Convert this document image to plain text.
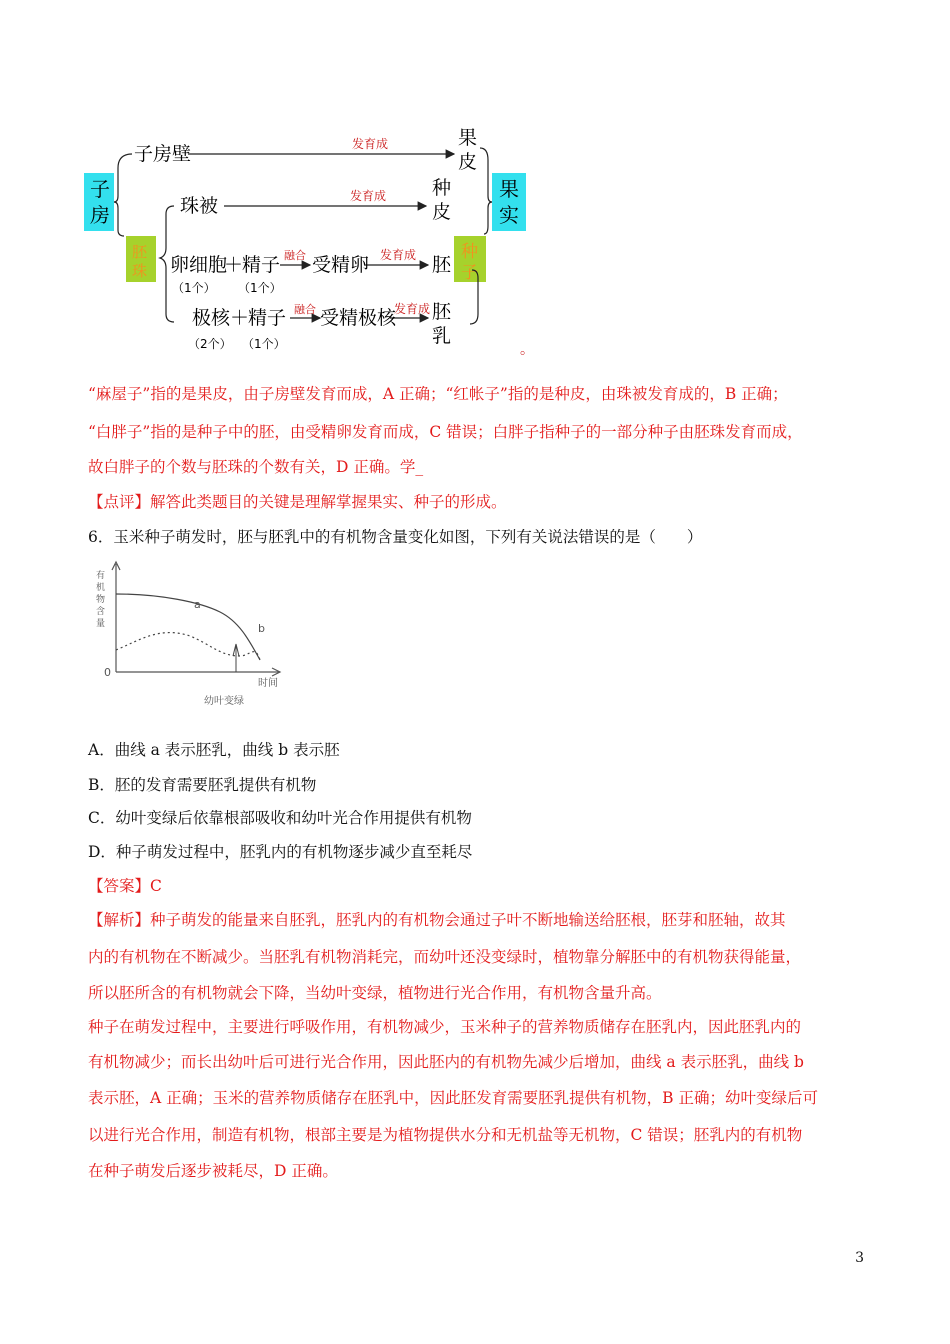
子
房
胚
珠
种
子
果
实
子房壁	发育成	果
皮
珠被	发育成 种
皮
卵细胞
＋
精子
（1个） （1个）
融合 受精卵 发育成 胚
极核 ＋
精子
（2个） （1个）
融合 受精极核
发育成 胚
乳
。
“麻屋子”指的是果皮，由子房壁发育而成，A 正确；“红帐子”指的是种皮，由珠被发育成的，B 正确；
“白胖子”指的是种子中的胚，由受精卵发育而成，C 错误；白胖子指种子的一部分种子由胚珠发育而成，
故白胖子的个数与胚珠的个数有关，D 正确。学_
【点评】解答此类题目的关键是理解掌握果实、种子的形成。
6．玉米种子萌发时，胚与胚乳中的有机物含量变化如图，下列有关说法错误的是（　　）
有
机
物
含
量
0
时间
a
b
幼叶变绿
A．曲线 a 表示胚乳，曲线 b 表示胚
B．胚的发育需要胚乳提供有机物
C．幼叶变绿后依靠根部吸收和幼叶光合作用提供有机物
D．种子萌发过程中，胚乳内的有机物逐步减少直至耗尽
【答案】C
【解析】种子萌发的能量来自胚乳，胚乳内的有机物会通过子叶不断地输送给胚根，胚芽和胚轴，故其
内的有机物在不断减少。当胚乳有机物消耗完，而幼叶还没变绿时，植物靠分解胚中的有机物获得能量，
所以胚所含的有机物就会下降，当幼叶变绿，植物进行光合作用，有机物含量升高。
种子在萌发过程中，主要进行呼吸作用，有机物减少，玉米种子的营养物质储存在胚乳内，因此胚乳内的
有机物减少；而长出幼叶后可进行光合作用，因此胚内的有机物先减少后增加，曲线 a 表示胚乳，曲线 b
表示胚，A 正确；玉米的营养物质储存在胚乳中，因此胚发育需要胚乳提供有机物，B 正确；幼叶变绿后可
以进行光合作用，制造有机物，根部主要是为植物提供水分和无机盐等无机物，C 错误；胚乳内的有机物
在种子萌发后逐步被耗尽，D 正确。
3
